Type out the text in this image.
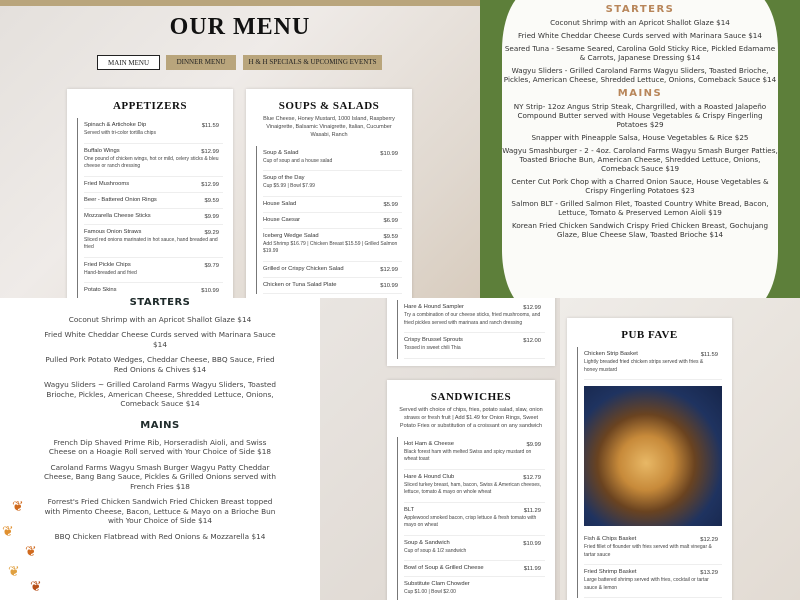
OUR MENU
MAIN MENU	DINNER MENU	H & H SPECIALS & UPCOMING EVENTS
APPETIZERS
Spinach & Artichoke Dip	$11.59
Served with tri-color tortilla chips
Buffalo Wings	$12.99
One pound of chicken wings, hot or mild, celery sticks & bleu cheese or ranch dressing
Fried Mushrooms	$12.99
Beer - Battered Onion Rings	$9.59
Mozzarella Cheese Sticks	$9.99
Famous Onion Straws	$9.29
Sliced red onions marinated in hot sauce, hand breaded and fried
Fried Pickle Chips	$9.79
Hand-breaded and fried
Potato Skins	$10.99
SOUPS & SALADS
Blue Cheese, Honey Mustard, 1000 Island, Raspberry Vinaigrette, Balsamic Vinaigrette, Italian, Cucumber Wasabi, Ranch
Soup & Salad	$10.99
Cup of soup and a house salad
Soup of the Day
Cup $5.99 | Bowl $7.99
House Salad	$5.99
House Caesar	$6.99
Iceberg Wedge Salad	$9.59
Add Shrimp $16.79 | Chicken Breast $15.59 | Grilled Salmon $19.99
Grilled or Crispy Chicken Salad	$12.99
Chicken or Tuna Salad Plate	$10.99
STARTERS

Coconut Shrimp with an Apricot Shallot Glaze $14

Fried White Cheddar Cheese Curds served with Marinara Sauce $14

Seared Tuna - Sesame Seared, Carolina Gold Sticky Rice, Pickled Edamame & Carrots, Japanese Dressing $14

Wagyu Sliders - Grilled Caroland Farms Wagyu Sliders, Toasted Brioche, Pickles, American Cheese, Shredded Lettuce, Onions, Comeback Sauce $14

MAINS

NY Strip- 12oz Angus Strip Steak, Chargrilled, with a Roasted Jalapeño Compound Butter served with House Vegetables & Crispy Fingerling Potatoes $29

Snapper with Pineapple Salsa, House Vegetables & Rice $25

Wagyu Smashburger - 2 - 4oz. Caroland Farms Wagyu Smash Burger Patties, Toasted Brioche Bun, American Cheese, Shredded Lettuce, Onions, Comeback Sauce $19

Center Cut Pork Chop with a Charred Onion Sauce, House Vegetables & Crispy Fingerling Potatoes $23

Salmon BLT - Grilled Salmon Filet, Toasted Country White Bread, Bacon, Lettuce, Tomato & Preserved Lemon Aioli $19

Korean Fried Chicken Sandwich Crispy Fried Chicken Breast, Gochujang Glaze, Blue Cheese Slaw, Toasted Brioche $14

STARTERS

Coconut Shrimp with an Apricot Shallot Glaze $14

Fried White Cheddar Cheese Curds served with Marinara Sauce $14

Pulled Pork Potato Wedges, Cheddar Cheese, BBQ Sauce, Fried Red Onions & Chives $14

Wagyu Sliders ~ Grilled Caroland Farms Wagyu Sliders, Toasted Brioche, Pickles, American Cheese, Shredded Lettuce, Onions, Comeback Sauce $14

MAINS

French Dip Shaved Prime Rib, Horseradish Aioli, and Swiss Cheese on a Hoagie Roll served with Your Choice of Side $18

Caroland Farms Wagyu Smash Burger Wagyu Patty Cheddar Cheese, Bang Bang Sauce, Pickles & Grilled Onions served with French Fries $18

Forrest's Fried Chicken Sandwich Fried Chicken Breast topped with Pimento Cheese, Bacon, Lettuce & Mayo on a Brioche Bun with Your Choice of Side $14

BBQ Chicken Flatbread with Red Onions & Mozzarella $14

❦
❦
❦
❦
❦
Hare & Hound Sampler	$12.99
Try a combination of our cheese sticks, fried mushrooms, and fried pickles served with marinara and ranch dressing
Crispy Brussel Sprouts	$12.00
Tossed in sweet chili Thia
SANDWICHES
Served with choice of chips, fries, potato salad, slaw, onion straws or fresh fruit | Add $1.49 for Onion Rings, Sweet Potato Fries or substitution of a croissant on any sandwich
Hot Ham & Cheese	$9.99
Black forest ham with melted Swiss and spicy mustard on wheat toast
Hare & Hound Club	$12.79
Sliced turkey breast, ham, bacon, Swiss & American cheeses, lettuce, tomato & mayo on whole wheat
BLT	$11.29
Applewood smoked bacon, crisp lettuce & fresh tomato with mayo on wheat
Soup & Sandwich	$10.99
Cup of soup & 1/2 sandwich
Bowl of Soup & Grilled Cheese	$11.99
Substitute Clam Chowder
Cup $1.00 | Bowl $2.00
PUB FAVE
Chicken Strip Basket	$11.59
Lightly breaded fried chicken strips served with fries & honey mustard
Fish & Chips Basket	$12.29
Fried fillet of flounder with fries served with malt vinegar & tartar sauce
Fried Shrimp Basket	$13.29
Large battered shrimp served with fries, cocktail or tartar sauce & lemon
